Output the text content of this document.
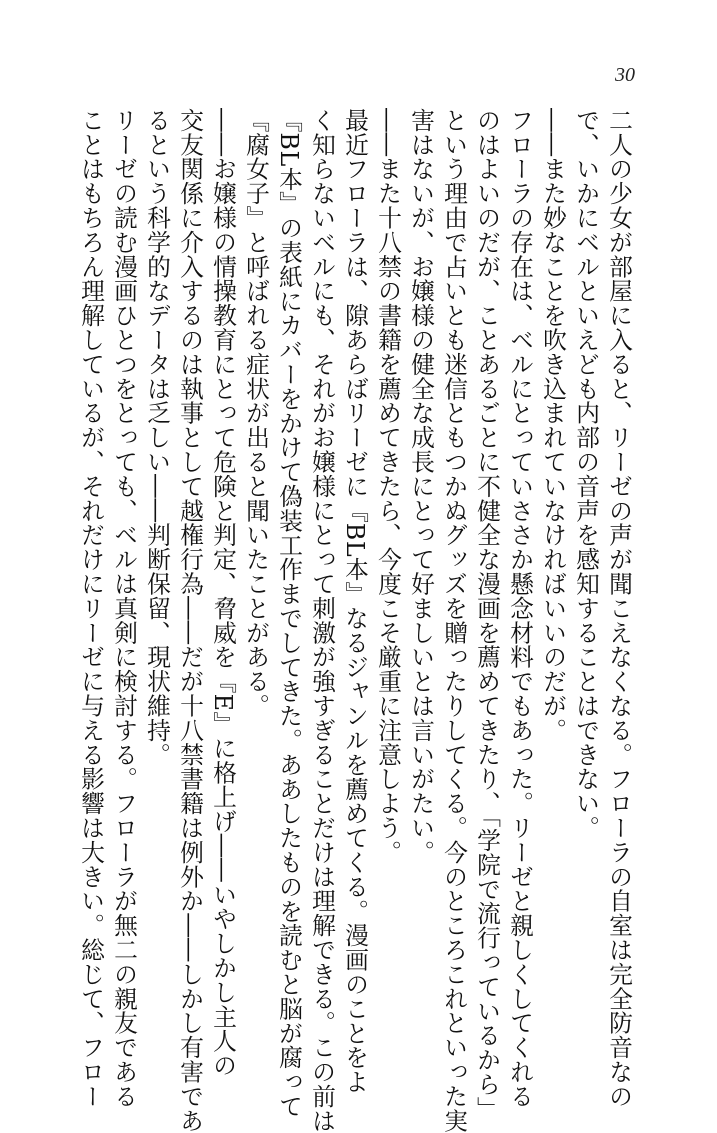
30

二人の少女が部屋に入ると、リーゼの声が聞こえなくなる。フローラの自室は完全防音なの

で、いかにベルといえども内部の音声を感知することはできない。

――また妙なことを吹き込まれていなければいいのだが。

フローラの存在は、ベルにとっていささか懸念材料でもあった。リーゼと親しくしてくれる

のはよいのだが、ことあるごとに不健全な漫画を薦めてきたり、「学院で流行っているから」

という理由で占いとも迷信ともつかぬグッズを贈ったりしてくる。今のところこれといった実

害はないが、お嬢様の健全な成長にとって好ましいとは言いがたい。

――また十八禁の書籍を薦めてきたら、今度こそ厳重に注意しよう。

最近フローラは、隙あらばリーゼに『BL本』なるジャンルを薦めてくる。漫画のことをよ

く知らないベルにも、それがお嬢様にとって刺激が強すぎることだけは理解できる。この前は

『BL本』の表紙にカバーをかけて偽装工作までしてきた。ああしたものを読むと脳が腐って

『腐女子』と呼ばれる症状が出ると聞いたことがある。

――お嬢様の情操教育にとって危険と判定、脅威を『E』に格上げ――いやしかし主人の

交友関係に介入するのは執事として越権行為――だが十八禁書籍は例外か――しかし有害であ

るという科学的なデータは乏しい――判断保留、現状維持。

リーゼの読む漫画ひとつをとっても、ベルは真剣に検討する。フローラが無二の親友である

ことはもちろん理解しているが、それだけにリーゼに与える影響は大きい。総じて、フロー
